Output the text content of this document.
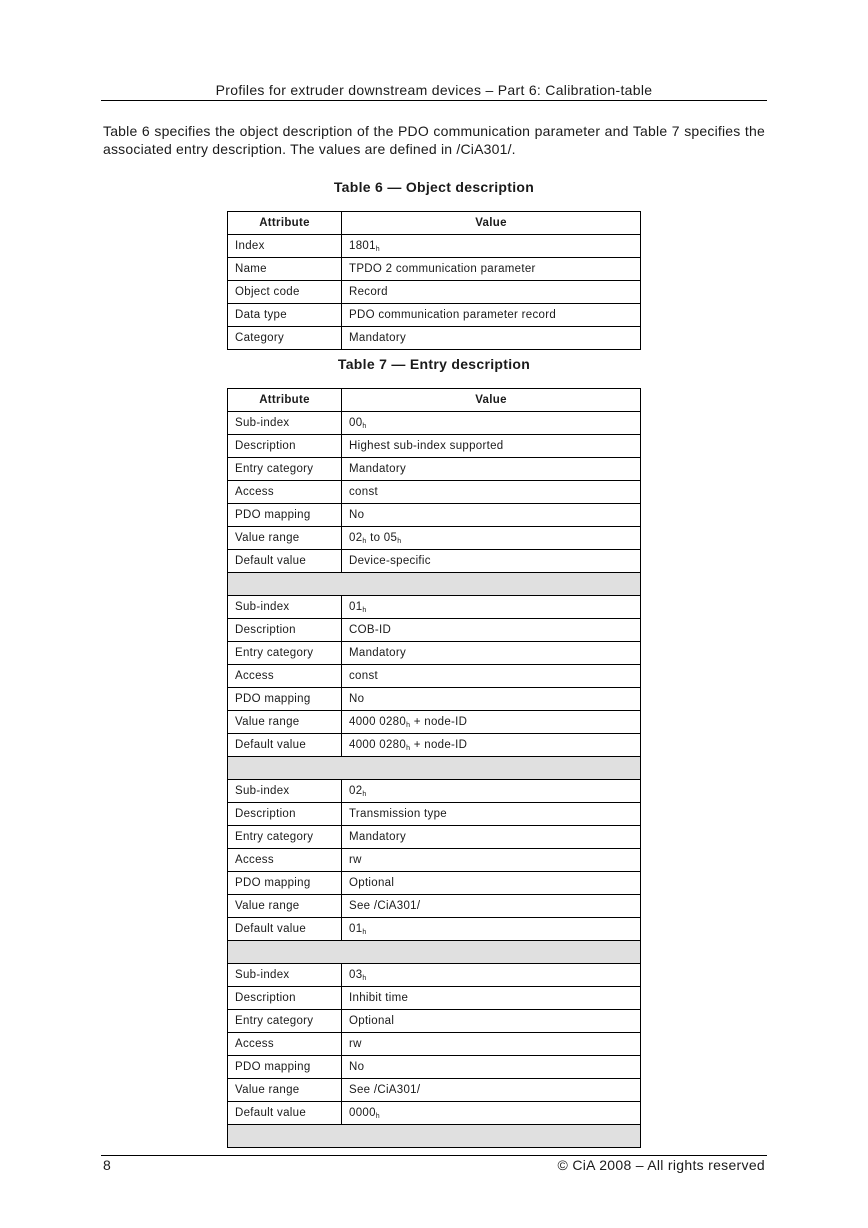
Profiles for extruder downstream devices – Part 6: Calibration-table

Table 6 specifies the object description of the PDO communication parameter and Table 7 specifies the associated entry description. The values are defined in /CiA301/.

Table 6 — Object description
Attribute	Value
Index	$1801_h$
Name	TPDO 2 communication parameter
Object code	Record
Data type	PDO communication parameter record
Category	Mandatory
Table 7 — Entry description
Attribute	Value
Sub-index	$00_h$
Description	Highest sub-index supported
Entry category	Mandatory
Access	const
PDO mapping	No
Value range	$02_h$ to $05_h$
Default value	Device-specific

Sub-index	$01_h$
Description	COB-ID
Entry category	Mandatory
Access	const
PDO mapping	No
Value range	4000 $0280_h$ + node-ID
Default value	4000 $0280_h$ + node-ID

Sub-index	$02_h$
Description	Transmission type
Entry category	Mandatory
Access	rw
PDO mapping	Optional
Value range	See /CiA301/
Default value	$01_h$

Sub-index	$03_h$
Description	Inhibit time
Entry category	Optional
Access	rw
PDO mapping	No
Value range	See /CiA301/
Default value	$0000_h$

8	© CiA 2008 – All rights reserved
